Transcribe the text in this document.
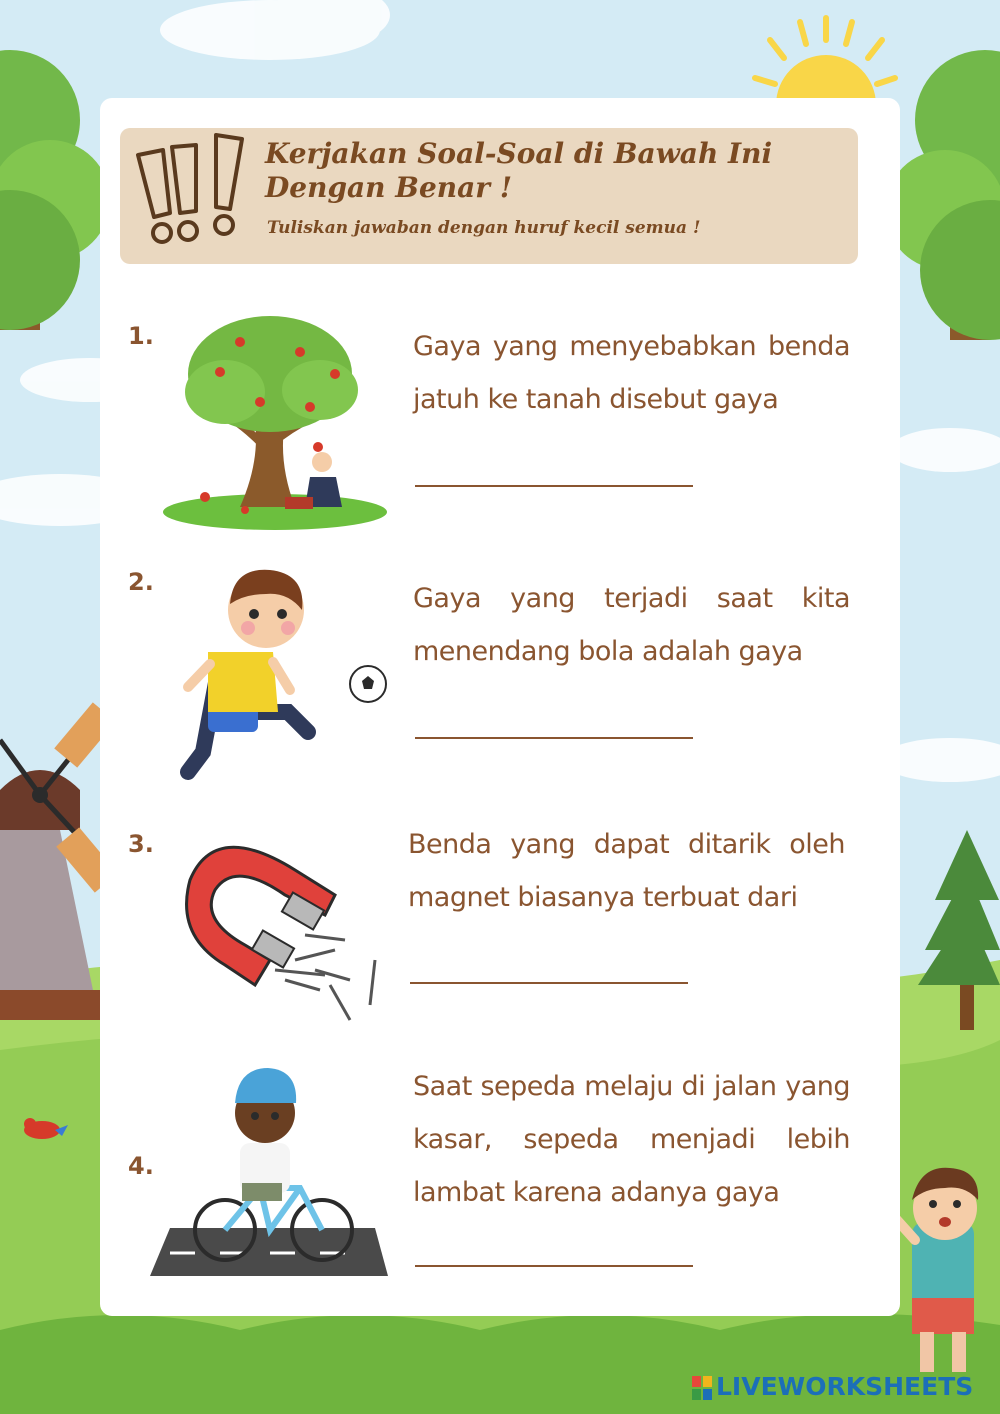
Kerjakan Soal-Soal di Bawah Ini Dengan Benar !

Tuliskan jawaban dengan huruf kecil semua !

1.	Gaya yang menyebabkan benda jatuh ke tanah disebut gaya

2.

Gaya yang terjadi saat kita menendang bola adalah gaya

3.	Benda yang dapat ditarik oleh magnet biasanya terbuat dari

4.

Saat sepeda melaju di jalan yang kasar, sepeda menjadi lebih lambat karena adanya gaya

LIVEWORKSHEETS
